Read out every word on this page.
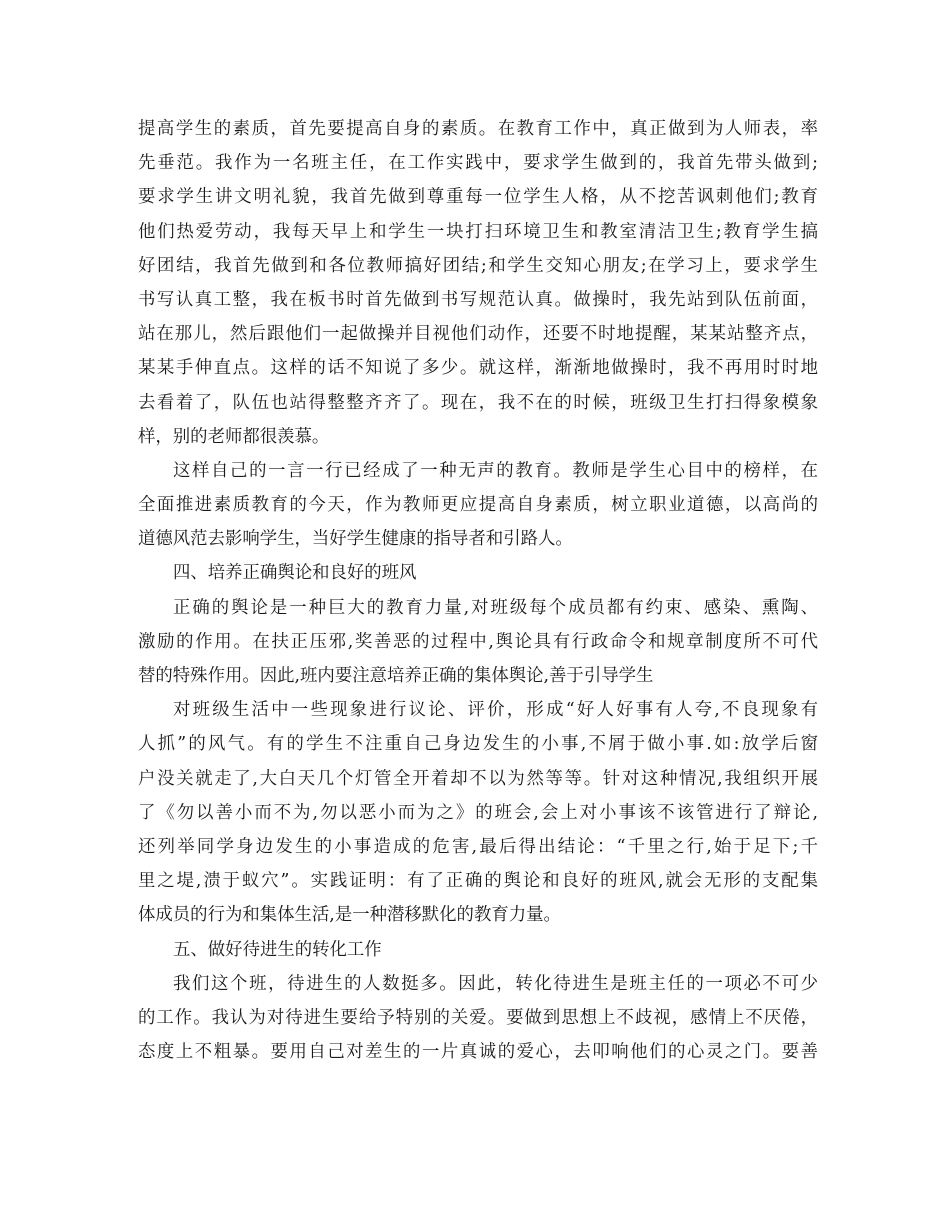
提高学生的素质，首先要提高自身的素质。在教育工作中，真正做到为人师表，率
先垂范。我作为一名班主任，在工作实践中，要求学生做到的，我首先带头做到;
要求学生讲文明礼貌，我首先做到尊重每一位学生人格，从不挖苦讽刺他们;教育
他们热爱劳动，我每天早上和学生一块打扫环境卫生和教室清洁卫生;教育学生搞
好团结，我首先做到和各位教师搞好团结;和学生交知心朋友;在学习上，要求学生
书写认真工整，我在板书时首先做到书写规范认真。做操时，我先站到队伍前面，
站在那儿，然后跟他们一起做操并目视他们动作，还要不时地提醒，某某站整齐点，
某某手伸直点。这样的话不知说了多少。就这样，渐渐地做操时，我不再用时时地
去看着了，队伍也站得整整齐齐了。现在，我不在的时候，班级卫生打扫得象模象
样，别的老师都很羡慕。
这样自己的一言一行已经成了一种无声的教育。教师是学生心目中的榜样，在
全面推进素质教育的今天，作为教师更应提高自身素质，树立职业道德，以高尚的
道德风范去影响学生，当好学生健康的指导者和引路人。
四、培养正确舆论和良好的班风
正确的舆论是一种巨大的教育力量,对班级每个成员都有约束、感染、熏陶、
激励的作用。在扶正压邪,奖善恶的过程中,舆论具有行政命令和规章制度所不可代
替的特殊作用。因此,班内要注意培养正确的集体舆论,善于引导学生
对班级生活中一些现象进行议论、评价，形成“好人好事有人夸,不良现象有
人抓”的风气。有的学生不注重自己身边发生的小事,不屑于做小事.如:放学后窗
户没关就走了,大白天几个灯管全开着却不以为然等等。针对这种情况,我组织开展
了《勿以善小而不为,勿以恶小而为之》的班会,会上对小事该不该管进行了辩论,
还列举同学身边发生的小事造成的危害,最后得出结论：“千里之行,始于足下;千
里之堤,溃于蚁穴”。实践证明：有了正确的舆论和良好的班风,就会无形的支配集
体成员的行为和集体生活,是一种潜移默化的教育力量。
五、做好待进生的转化工作
我们这个班，待进生的人数挺多。因此，转化待进生是班主任的一项必不可少
的工作。我认为对待进生要给予特别的关爱。要做到思想上不歧视，感情上不厌倦，
态度上不粗暴。要用自己对差生的一片真诚的爱心，去叩响他们的心灵之门。要善
